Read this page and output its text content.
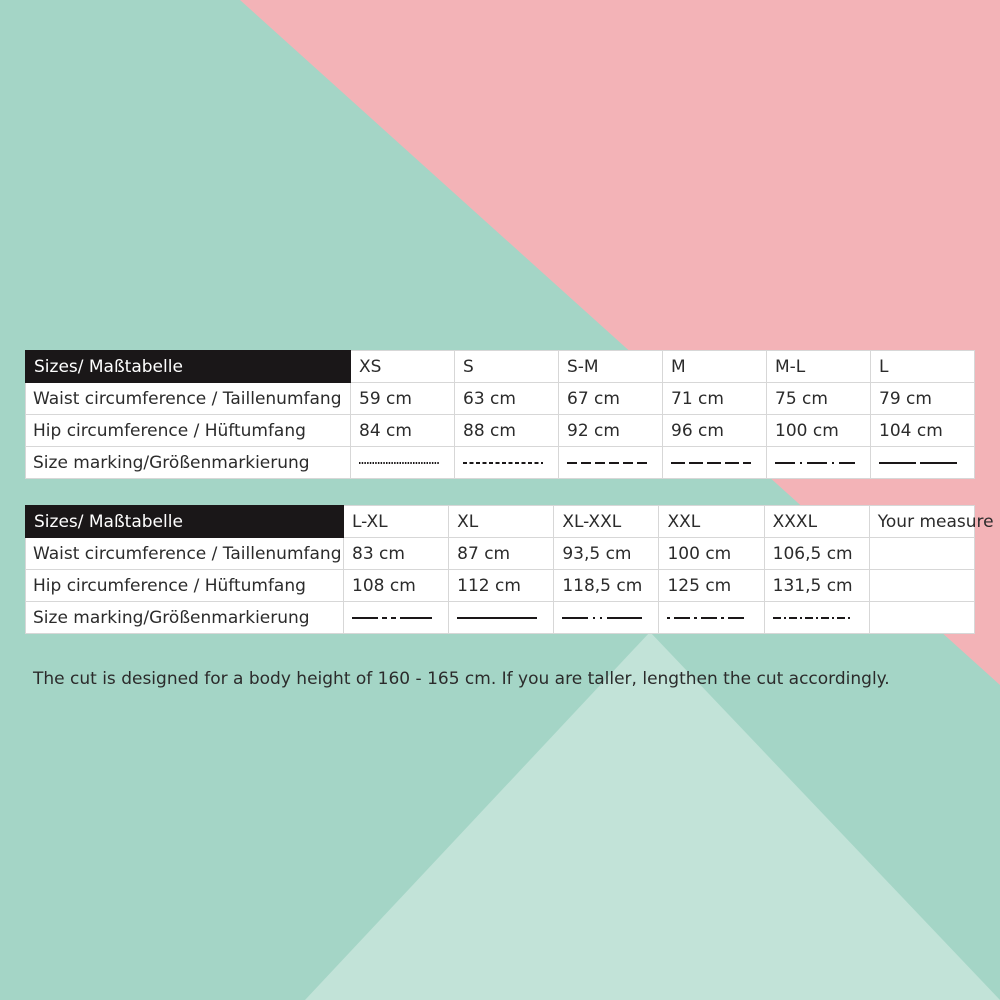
Sizes/ Maßtabelle	XS	S	S-M	M	M-L	L
Waist circumference / Taillenumfang	59 cm	63 cm	67 cm	71 cm	75 cm	79 cm
Hip circumference / Hüftumfang	84 cm	88 cm	92 cm	96 cm	100 cm	104 cm
Size marking/Größenmarkierung	

Sizes/ Maßtabelle	L-XL	XL	XL-XXL	XXL	XXXL	Your measure
Waist circumference / Taillenumfang	83 cm	87 cm	93,5 cm	100 cm	106,5 cm	
Hip circumference / Hüftumfang	108 cm	112 cm	118,5 cm	125 cm	131,5 cm	
Size marking/Größenmarkierung	

The cut is designed for a body height of 160 - 165 cm. If you are taller, lengthen the cut accordingly.
